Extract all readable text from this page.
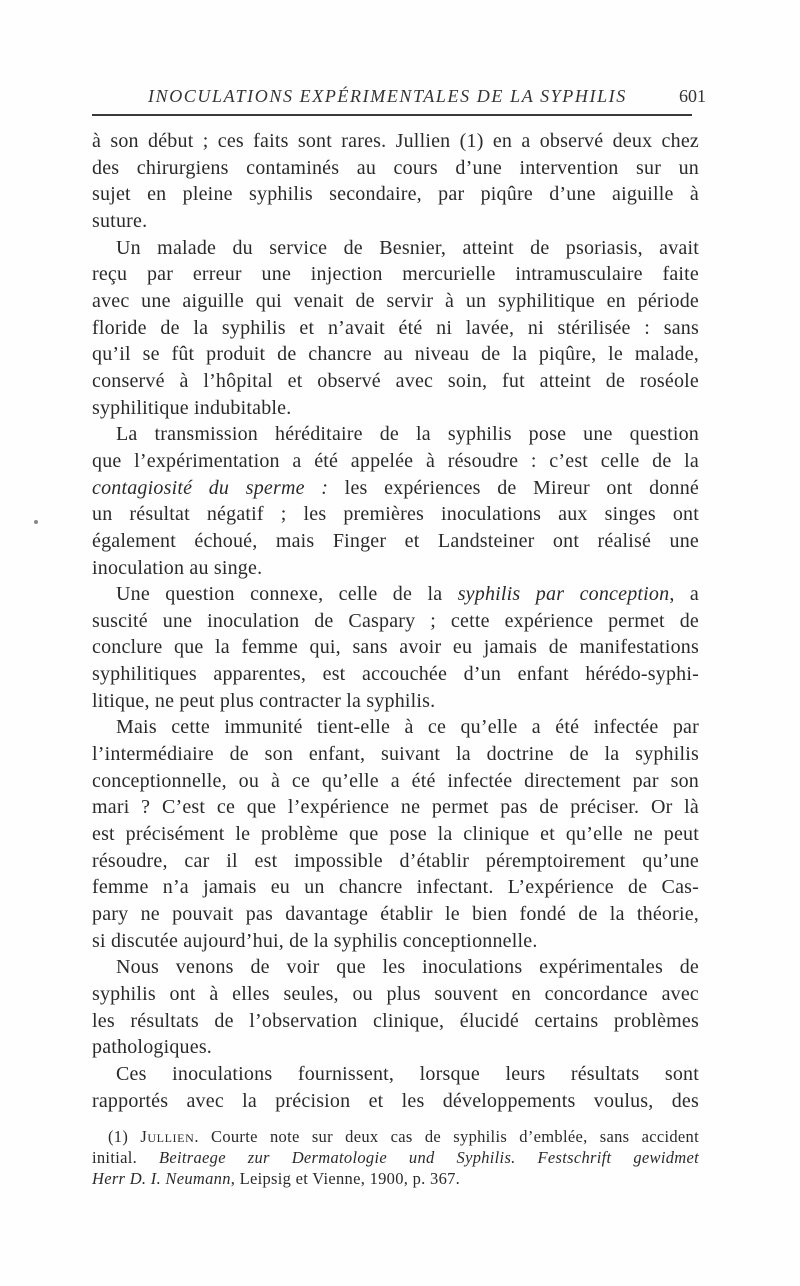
INOCULATIONS EXPÉRIMENTALES DE LA SYPHILIS	601
à son début ; ces faits sont rares. Jullien (1) en a observé deux chez
des chirurgiens contaminés au cours d’une intervention sur un
sujet en pleine syphilis secondaire, par piqûre d’une aiguille à
suture.
Un malade du service de Besnier, atteint de psoriasis, avait
reçu par erreur une injection mercurielle intramusculaire faite
avec une aiguille qui venait de servir à un syphilitique en période
floride de la syphilis et n’avait été ni lavée, ni stérilisée : sans
qu’il se fût produit de chancre au niveau de la piqûre, le malade,
conservé à l’hôpital et observé avec soin, fut atteint de roséole
syphilitique indubitable.
La transmission héréditaire de la syphilis pose une question
que l’expérimentation a été appelée à résoudre : c’est celle de la
contagiosité du sperme : les expériences de Mireur ont donné
un résultat négatif ; les premières inoculations aux singes ont
également échoué, mais Finger et Landsteiner ont réalisé une
inoculation au singe.
Une question connexe, celle de la syphilis par conception, a
suscité une inoculation de Caspary ; cette expérience permet de
conclure que la femme qui, sans avoir eu jamais de manifestations
syphilitiques apparentes, est accouchée d’un enfant hérédo-syphi-
litique, ne peut plus contracter la syphilis.
Mais cette immunité tient-elle à ce qu’elle a été infectée par
l’intermédiaire de son enfant, suivant la doctrine de la syphilis
conceptionnelle, ou à ce qu’elle a été infectée directement par son
mari ? C’est ce que l’expérience ne permet pas de préciser. Or là
est précisément le problème que pose la clinique et qu’elle ne peut
résoudre, car il est impossible d’établir péremptoirement qu’une
femme n’a jamais eu un chancre infectant. L’expérience de Cas-
pary ne pouvait pas davantage établir le bien fondé de la théorie,
si discutée aujourd’hui, de la syphilis conceptionnelle.
Nous venons de voir que les inoculations expérimentales de
syphilis ont à elles seules, ou plus souvent en concordance avec
les résultats de l’observation clinique, élucidé certains problèmes
pathologiques.
Ces inoculations fournissent, lorsque leurs résultats sont
rapportés avec la précision et les développements voulus, des
(1) Jullien. Courte note sur deux cas de syphilis d’emblée, sans accident
initial. Beitraege zur Dermatologie und Syphilis. Festschrift gewidmet
Herr D. I. Neumann, Leipsig et Vienne, 1900, p. 367.
